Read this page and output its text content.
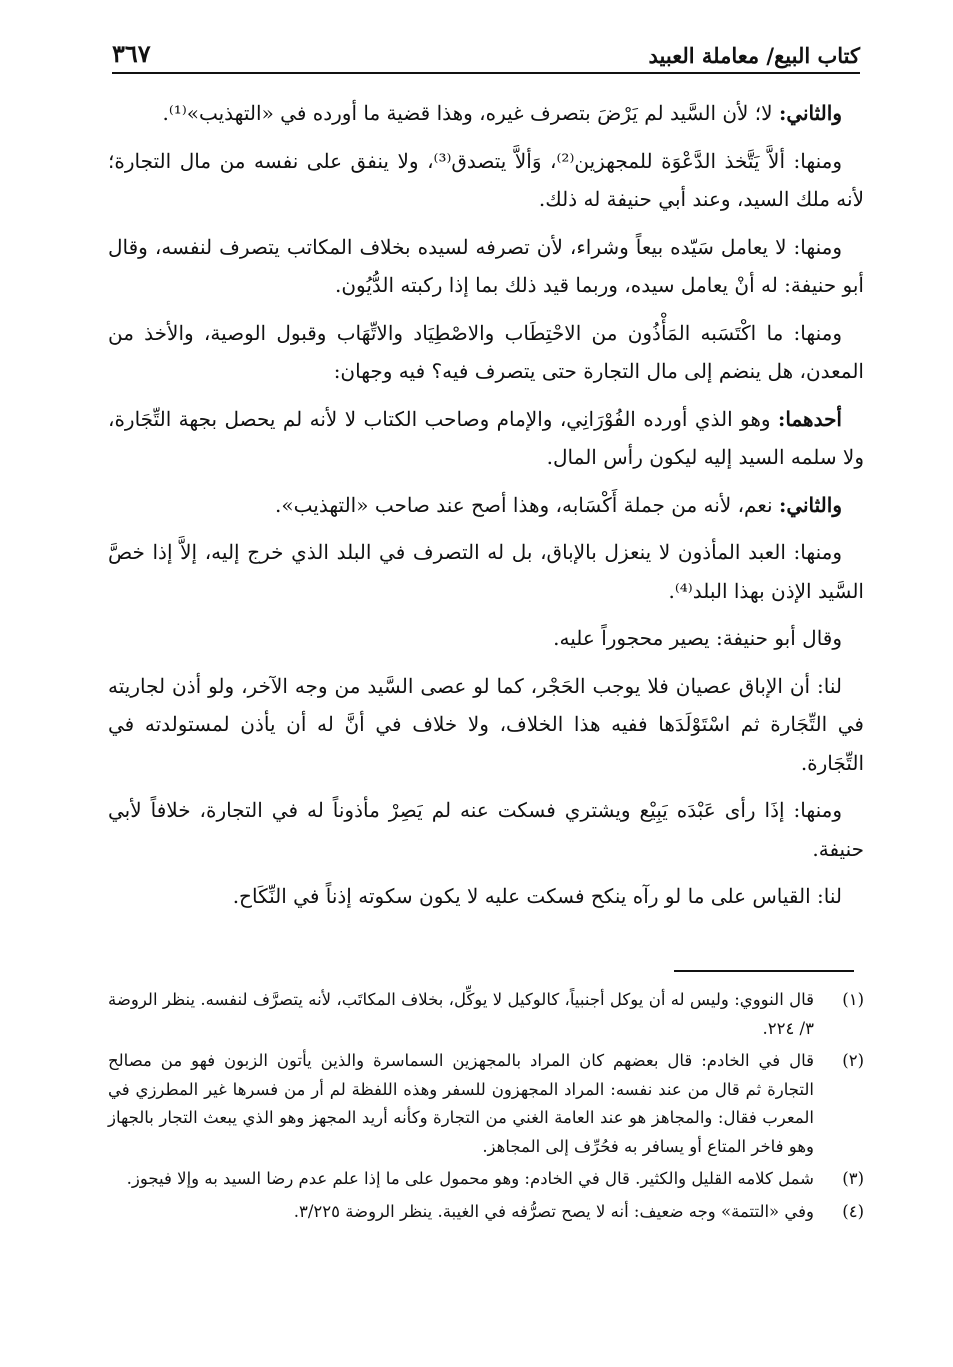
كتاب البيع/ معاملة العبيد
٣٦٧

والثاني: لا؛ لأن السَّيد لم يَرْضَ بتصرف غيره، وهذا قضية ما أورده في «التهذيب»⁽¹⁾.

ومنها: ألاَّ يَتَّخذ الدَّعْوَة للمجهزين⁽²⁾، وَألاَّ يتصدق⁽³⁾، ولا ينفق على نفسه من مال التجارة؛ لأنه ملك السيد، وعند أبي حنيفة له ذلك.

ومنها: لا يعامل سَيّده بيعاً وشراء، لأن تصرفه لسيده بخلاف المكاتب يتصرف لنفسه، وقال أبو حنيفة: له أنْ يعامل سيده، وربما قيد ذلك بما إذا ركبته الدُّيُون.

ومنها: ما اكْتَسَبه المَأْذُون من الاحْتِطَاب والاصْطِيَاد والاتِّهَاب وقبول الوصية، والأخذ من المعدن، هل ينضم إلى مال التجارة حتى يتصرف فيه؟ فيه وجهان:

أحدهما: وهو الذي أورده الفُوْرَانِي، والإمام وصاحب الكتاب لا لأنه لم يحصل بجهة التِّجَارة، ولا سلمه السيد إليه ليكون رأس المال.

والثاني: نعم، لأنه من جملة أَكْسَابه، وهذا أصح عند صاحب «التهذيب».

ومنها: العبد المأذون لا ينعزل بالإباق، بل له التصرف في البلد الذي خرج إليه، إلاَّ إذا خصَّ السَّيد الإذن بهذا البلد⁽⁴⁾.

وقال أبو حنيفة: يصير محجوراً عليه.

لنا: أن الإباق عصيان فلا يوجب الحَجْر، كما لو عصى السَّيد من وجه الآخر، ولو أذن لجاريته في التِّجَارة ثم اسْتَوْلَدَها ففيه هذا الخلاف، ولا خلاف في أنَّ له أن يأذن لمستولدته في التِّجَارة.

ومنها: إذَا رأى عَبْدَه يَبِيْع ويشتري فسكت عنه لم يَصِرْ مأذوناً له في التجارة، خلافاً لأبي حنيفة.

لنا: القياس على ما لو رآه ينكح فسكت عليه لا يكون سكوته إذناً في النِّكَاح.

(١)
قال النووي: وليس له أن يوكل أجنبياً، كالوكيل لا يوكِّل، بخلاف المكاتَب، لأنه يتصرَّف لنفسه. ينظر الروضة ٣/ ٢٢٤.
(٢)
قال في الخادم: قال بعضهم كان المراد بالمجهزين السماسرة والذين يأتون الزبون فهو من مصالح التجارة ثم قال من عند نفسه: المراد المجهزون للسفر وهذه اللفظة لم أر من فسرها غير المطرزي في المعرب فقال: والمجاهز هو عند العامة الغني من التجارة وكأنه أريد المجهز وهو الذي يبعث التجار بالجهاز وهو فاخر المتاع أو يسافر به فحُرِّف إلى المجاهز.
(٣)
شمل كلامه القليل والكثير. قال في الخادم: وهو محمول على ما إذا علم عدم رضا السيد به وإلا فيجوز.
(٤)
وفي «التتمة» وجه ضعيف: أنه لا يصح تصرُّفه في الغيبة. ينظر الروضة ٣/٢٢٥.
